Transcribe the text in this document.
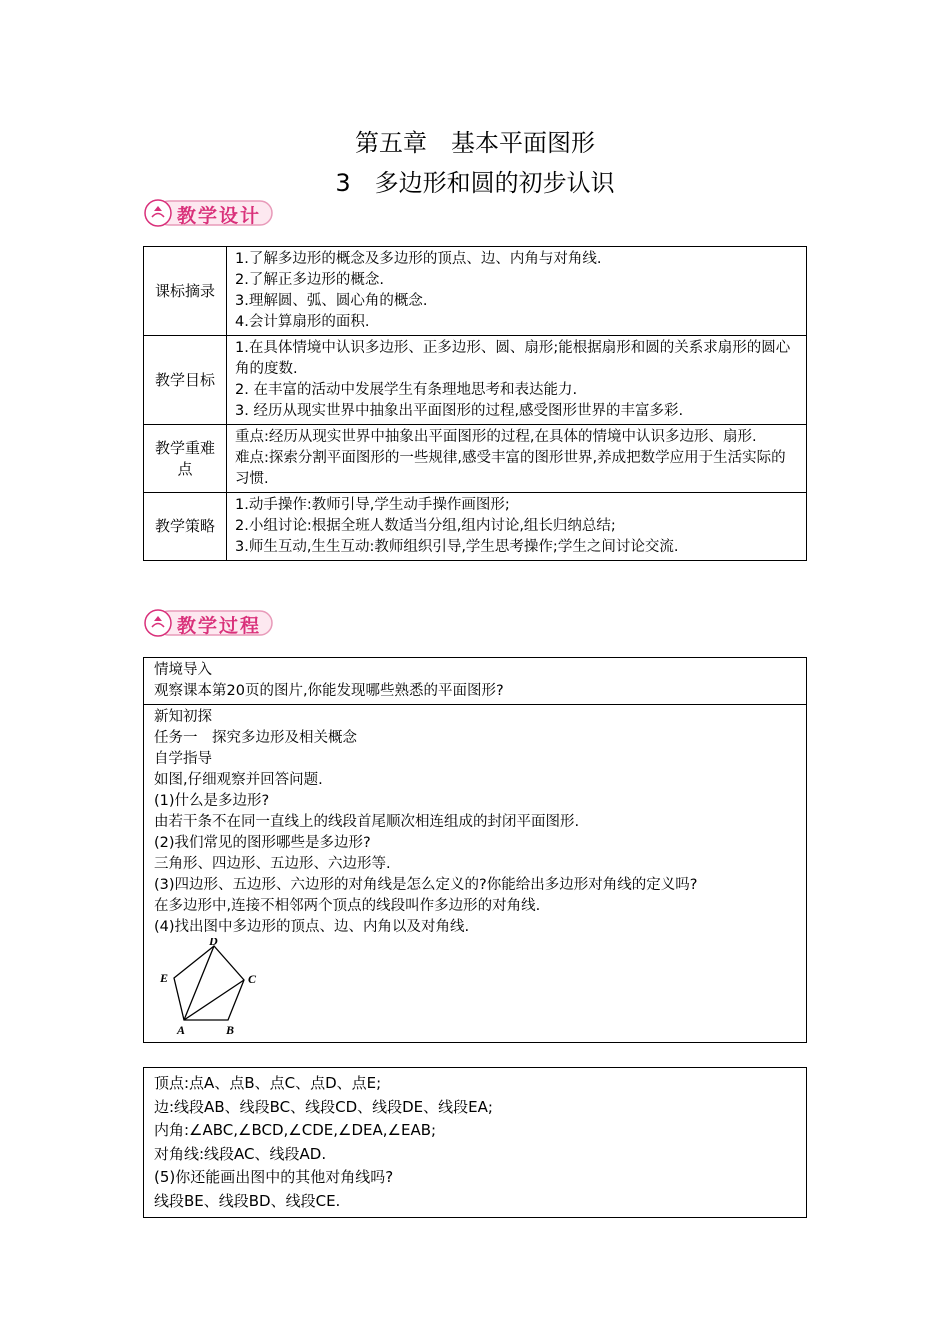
第五章　基本平面图形
3　多边形和圆的初步认识
教学设计
课标摘录	1.了解多边形的概念及多边形的顶点、边、内角与对角线.
2.了解正多边形的概念.
3.理解圆、弧、圆心角的概念.
4.会计算扇形的面积.

教学目标	1.在具体情境中认识多边形、正多边形、圆、扇形;能根据扇形和圆的关系求扇形的圆心角的度数.
2. 在丰富的活动中发展学生有条理地思考和表达能力.
3. 经历从现实世界中抽象出平面图形的过程,感受图形世界的丰富多彩.

教学重难点	重点:经历从现实世界中抽象出平面图形的过程,在具体的情境中认识多边形、扇形.
难点:探索分割平面图形的一些规律,感受丰富的图形世界,养成把数学应用于生活实际的习惯.

教学策略	1.动手操作:教师引导,学生动手操作画图形;
2.小组讨论:根据全班人数适当分组,组内讨论,组长归纳总结;
3.师生互动,生生互动:教师组织引导,学生思考操作;学生之间讨论交流.
教学过程
情境导入
观察课本第20页的图片,你能发现哪些熟悉的平面图形?
新知初探
任务一　探究多边形及相关概念
自学指导
如图,仔细观察并回答问题.
(1)什么是多边形?
由若干条不在同一直线上的线段首尾顺次相连组成的封闭平面图形.
(2)我们常见的图形哪些是多边形?
三角形、四边形、五边形、六边形等.
(3)四边形、五边形、六边形的对角线是怎么定义的?你能给出多边形对角线的定义吗?
在多边形中,连接不相邻两个顶点的线段叫作多边形的对角线.
(4)找出图中多边形的顶点、边、内角以及对角线.
A	B
C
D
E
顶点:点A、点B、点C、点D、点E;
边:线段AB、线段BC、线段CD、线段DE、线段EA;
内角:∠ABC,∠BCD,∠CDE,∠DEA,∠EAB;
对角线:线段AC、线段AD.
(5)你还能画出图中的其他对角线吗?
线段BE、线段BD、线段CE.
